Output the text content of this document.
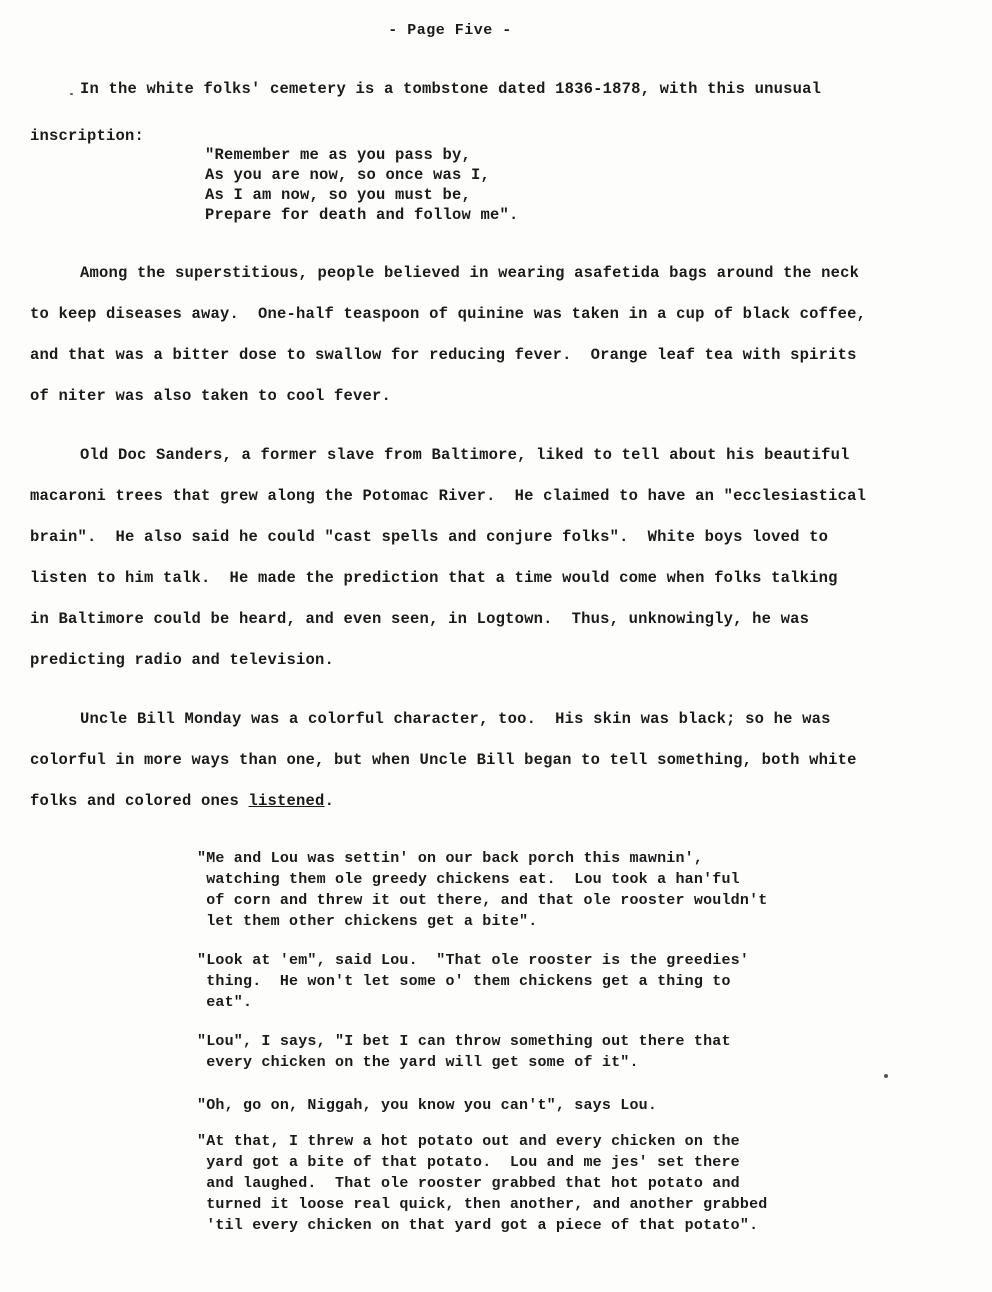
- Page Five -
In the white folks' cemetery is a tombstone dated 1836-1878, with this unusual
inscription:
"Remember me as you pass by,
As you are now, so once was I,
As I am now, so you must be,
Prepare for death and follow me".
Among the superstitious, people believed in wearing asafetida bags around the neck
to keep diseases away.  One-half teaspoon of quinine was taken in a cup of black coffee,
and that was a bitter dose to swallow for reducing fever.  Orange leaf tea with spirits
of niter was also taken to cool fever.
Old Doc Sanders, a former slave from Baltimore, liked to tell about his beautiful
macaroni trees that grew along the Potomac River.  He claimed to have an "ecclesiastical
brain".  He also said he could "cast spells and conjure folks".  White boys loved to
listen to him talk.  He made the prediction that a time would come when folks talking
in Baltimore could be heard, and even seen, in Logtown.  Thus, unknowingly, he was
predicting radio and television.
Uncle Bill Monday was a colorful character, too.  His skin was black; so he was
colorful in more ways than one, but when Uncle Bill began to tell something, both white
folks and colored ones listened.
"Me and Lou was settin' on our back porch this mawnin',
watching them ole greedy chickens eat.  Lou took a han'ful
of corn and threw it out there, and that ole rooster wouldn't
let them other chickens get a bite".
"Look at 'em", said Lou.  "That ole rooster is the greedies'
thing.  He won't let some o' them chickens get a thing to
eat".
"Lou", I says, "I bet I can throw something out there that
every chicken on the yard will get some of it".
"Oh, go on, Niggah, you know you can't", says Lou.
"At that, I threw a hot potato out and every chicken on the
yard got a bite of that potato.  Lou and me jes' set there
and laughed.  That ole rooster grabbed that hot potato and
turned it loose real quick, then another, and another grabbed
'til every chicken on that yard got a piece of that potato".
